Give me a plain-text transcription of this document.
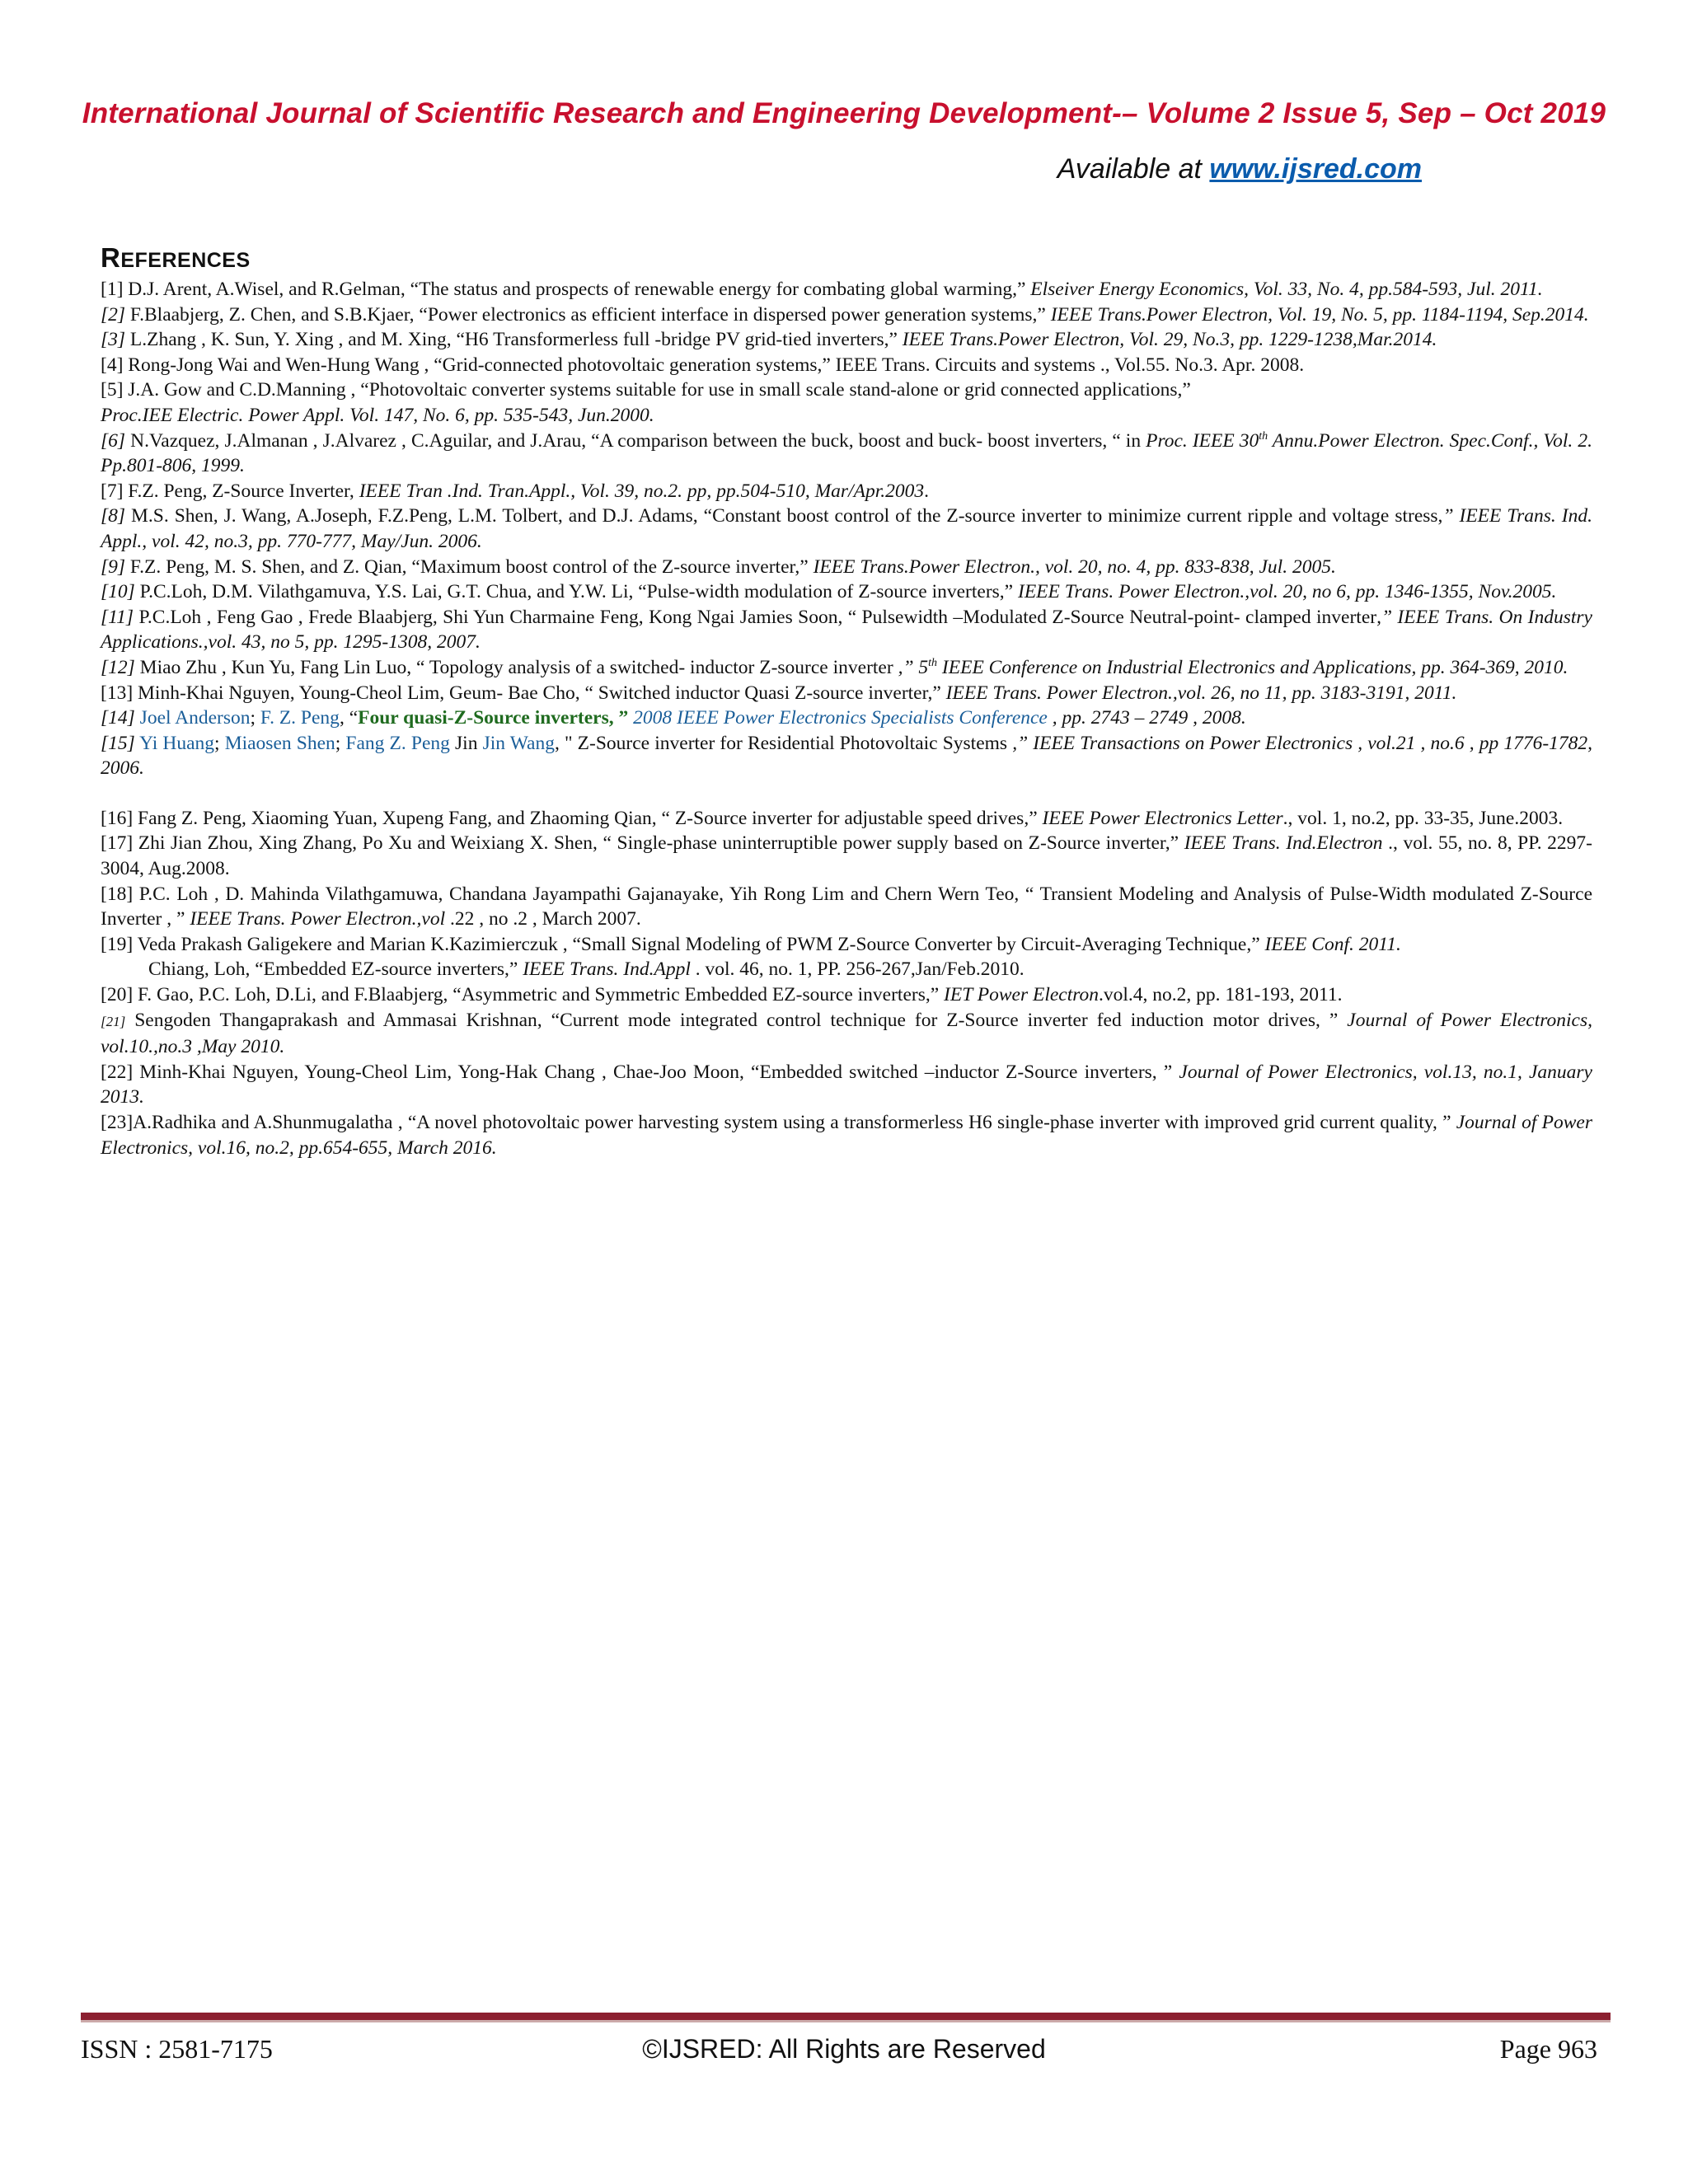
International Journal of Scientific Research and Engineering Development-– Volume 2 Issue 5, Sep – Oct 2019
Available at www.ijsred.com
REFERENCES

[1] D.J. Arent, A.Wisel, and R.Gelman, “The status and prospects of renewable energy for combating global warming,” Elseiver Energy Economics, Vol. 33, No. 4, pp.584-593, Jul. 2011.

[2] F.Blaabjerg, Z. Chen, and S.B.Kjaer, “Power electronics as efficient interface in dispersed power generation systems,” IEEE Trans.Power Electron, Vol. 19, No. 5, pp. 1184-1194, Sep.2014.

[3] L.Zhang , K. Sun, Y. Xing , and M. Xing, “H6 Transformerless full -bridge PV grid-tied inverters,” IEEE Trans.Power Electron, Vol. 29, No.3, pp. 1229-1238,Mar.2014.

[4] Rong-Jong Wai and Wen-Hung Wang , “Grid-connected photovoltaic generation systems,” IEEE Trans. Circuits and systems ., Vol.55. No.3. Apr. 2008.

[5] J.A. Gow and C.D.Manning , “Photovoltaic converter systems suitable for use in small scale stand-alone or grid connected applications,”
Proc.IEE Electric. Power Appl. Vol. 147, No. 6, pp. 535-543, Jun.2000.

[6] N.Vazquez, J.Almanan , J.Alvarez , C.Aguilar, and J.Arau, “A comparison between the buck, boost and buck- boost inverters, “ in Proc. IEEE 30th Annu.Power Electron. Spec.Conf., Vol. 2. Pp.801-806, 1999.

[7] F.Z. Peng, Z-Source Inverter, IEEE Tran .Ind. Tran.Appl., Vol. 39, no.2. pp, pp.504-510, Mar/Apr.2003.

[8] M.S. Shen, J. Wang, A.Joseph, F.Z.Peng, L.M. Tolbert, and D.J. Adams, “Constant boost control of the Z-source inverter to minimize current ripple and voltage stress,” IEEE Trans. Ind. Appl., vol. 42, no.3, pp. 770-777, May/Jun. 2006.

[9] F.Z. Peng, M. S. Shen, and Z. Qian, “Maximum boost control of the Z-source inverter,” IEEE Trans.Power Electron., vol. 20, no. 4, pp. 833-838, Jul. 2005.

[10] P.C.Loh, D.M. Vilathgamuva, Y.S. Lai, G.T. Chua, and Y.W. Li, “Pulse-width modulation of Z-source inverters,” IEEE Trans. Power Electron.,vol. 20, no 6, pp. 1346-1355, Nov.2005.

[11] P.C.Loh , Feng Gao , Frede Blaabjerg, Shi Yun Charmaine Feng, Kong Ngai Jamies Soon, “ Pulsewidth –Modulated Z-Source Neutral-point- clamped inverter,” IEEE Trans. On Industry Applications.,vol. 43, no 5, pp. 1295-1308, 2007.

[12] Miao Zhu , Kun Yu, Fang Lin Luo, “ Topology analysis of a switched- inductor Z-source inverter ,” 5th IEEE Conference on Industrial Electronics and Applications, pp. 364-369, 2010.

[13] Minh-Khai Nguyen, Young-Cheol Lim, Geum- Bae Cho, “ Switched inductor Quasi Z-source inverter,” IEEE Trans. Power Electron.,vol. 26, no 11, pp. 3183-3191, 2011.

[14] Joel Anderson; F. Z. Peng, “Four quasi-Z-Source inverters, ” 2008 IEEE Power Electronics Specialists Conference , pp. 2743 – 2749 , 2008.

[15] Yi Huang; Miaosen Shen; Fang Z. Peng Jin Jin Wang, " Z-Source inverter for Residential Photovoltaic Systems ,” IEEE Transactions on Power Electronics , vol.21 , no.6 , pp 1776-1782, 2006.

[16] Fang Z. Peng, Xiaoming Yuan, Xupeng Fang, and Zhaoming Qian, “ Z-Source inverter for adjustable speed drives,” IEEE Power Electronics Letter., vol. 1, no.2, pp. 33-35, June.2003.

[17] Zhi Jian Zhou, Xing Zhang, Po Xu and Weixiang X. Shen, “ Single-phase uninterruptible power supply based on Z-Source inverter,” IEEE Trans. Ind.Electron ., vol. 55, no. 8, PP. 2297-3004, Aug.2008.

[18] P.C. Loh , D. Mahinda Vilathgamuwa, Chandana Jayampathi Gajanayake, Yih Rong Lim and Chern Wern Teo, “ Transient Modeling and Analysis of Pulse-Width modulated Z-Source Inverter , ” IEEE Trans. Power Electron.,vol .22 , no .2 , March 2007.

[19] Veda Prakash Galigekere and Marian K.Kazimierczuk , “Small Signal Modeling of PWM Z-Source Converter by Circuit-Averaging Technique,” IEEE Conf. 2011.

Chiang, Loh, “Embedded EZ-source inverters,” IEEE Trans. Ind.Appl . vol. 46, no. 1, PP. 256-267,Jan/Feb.2010.

[20] F. Gao, P.C. Loh, D.Li, and F.Blaabjerg, “Asymmetric and Symmetric Embedded EZ-source inverters,” IET Power Electron.vol.4, no.2, pp. 181-193, 2011.

[21] Sengoden Thangaprakash and Ammasai Krishnan, “Current mode integrated control technique for Z-Source inverter fed induction motor drives, ” Journal of Power Electronics, vol.10.,no.3 ,May 2010.

[22] Minh-Khai Nguyen, Young-Cheol Lim, Yong-Hak Chang , Chae-Joo Moon, “Embedded switched –inductor Z-Source inverters, ” Journal of Power Electronics, vol.13, no.1, January 2013.

[23]A.Radhika and A.Shunmugalatha , “A novel photovoltaic power harvesting system using a transformerless H6 single-phase inverter with improved grid current quality, ” Journal of Power Electronics, vol.16, no.2, pp.654-655, March 2016.

ISSN : 2581-7175	©IJSRED: All Rights are Reserved	Page 963
